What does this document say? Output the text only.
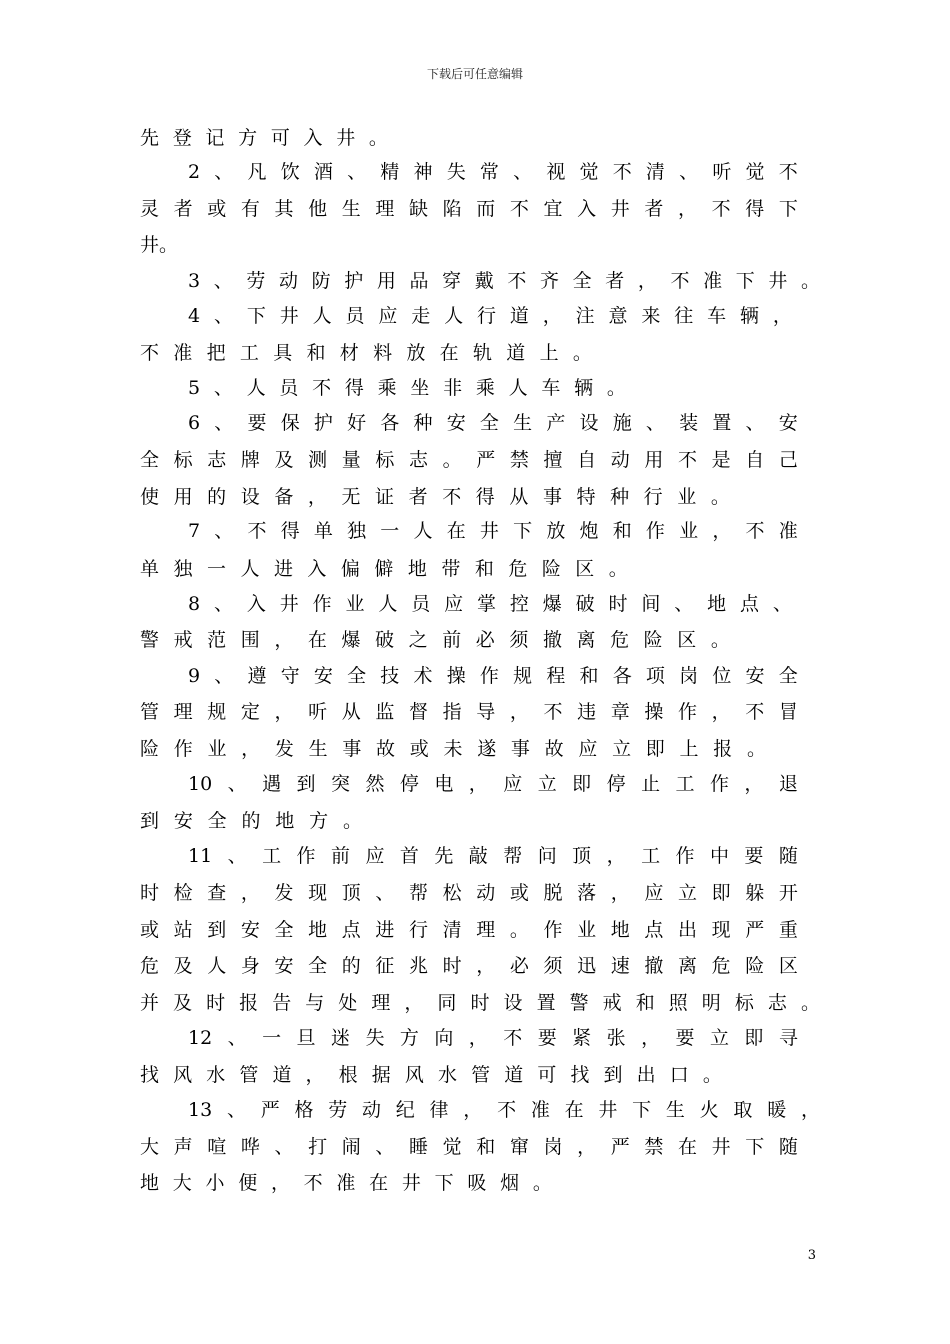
下载后可任意编辑
先 登 记 方 可 入 井 。
2 、 凡 饮 酒 、 精 神 失 常 、 视 觉 不 清 、 听 觉 不
灵 者 或 有 其 他 生 理 缺 陷 而 不 宜 入 井 者 ， 不 得 下
井 。
3 、 劳 动 防 护 用 品 穿 戴 不 齐 全 者 ， 不 准 下 井 。
4 、 下 井 人 员 应 走 人 行 道 ， 注 意 来 往 车 辆 ，
不 准 把 工 具 和 材 料 放 在 轨 道 上 。
5 、 人 员 不 得 乘 坐 非 乘 人 车 辆 。
6 、 要 保 护 好 各 种 安 全 生 产 设 施 、 装 置 、 安
全 标 志 牌 及 测 量 标 志 。 严 禁 擅 自 动 用 不 是 自 己
使 用 的 设 备 ， 无 证 者 不 得 从 事 特 种 行 业 。
7 、 不 得 单 独 一 人 在 井 下 放 炮 和 作 业 ， 不 准
单 独 一 人 进 入 偏 僻 地 带 和 危 险 区 。
8 、 入 井 作 业 人 员 应 掌 控 爆 破 时 间 、 地 点 、
警 戒 范 围 ， 在 爆 破 之 前 必 须 撤 离 危 险 区 。
9 、 遵 守 安 全 技 术 操 作 规 程 和 各 项 岗 位 安 全
管 理 规 定 ， 听 从 监 督 指 导 ， 不 违 章 操 作 ， 不 冒
险 作 业 ， 发 生 事 故 或 未 遂 事 故 应 立 即 上 报 。
10 、 遇 到 突 然 停 电 ， 应 立 即 停 止 工 作 ， 退
到 安 全 的 地 方 。
11 、 工 作 前 应 首 先 敲 帮 问 顶 ， 工 作 中 要 随
时 检 查 ， 发 现 顶 、 帮 松 动 或 脱 落 ， 应 立 即 躲 开
或 站 到 安 全 地 点 进 行 清 理 。 作 业 地 点 出 现 严 重
危 及 人 身 安 全 的 征 兆 时 ， 必 须 迅 速 撤 离 危 险 区
并 及 时 报 告 与 处 理 ， 同 时 设 置 警 戒 和 照 明 标 志 。
12 、 一 旦 迷 失 方 向 ， 不 要 紧 张 ， 要 立 即 寻
找 风 水 管 道 ， 根 据 风 水 管 道 可 找 到 出 口 。
13 、 严 格 劳 动 纪 律 ， 不 准 在 井 下 生 火 取 暖 ，
大 声 喧 哗 、 打 闹 、 睡 觉 和 窜 岗 ， 严 禁 在 井 下 随
地 大 小 便 ， 不 准 在 井 下 吸 烟 。
3
